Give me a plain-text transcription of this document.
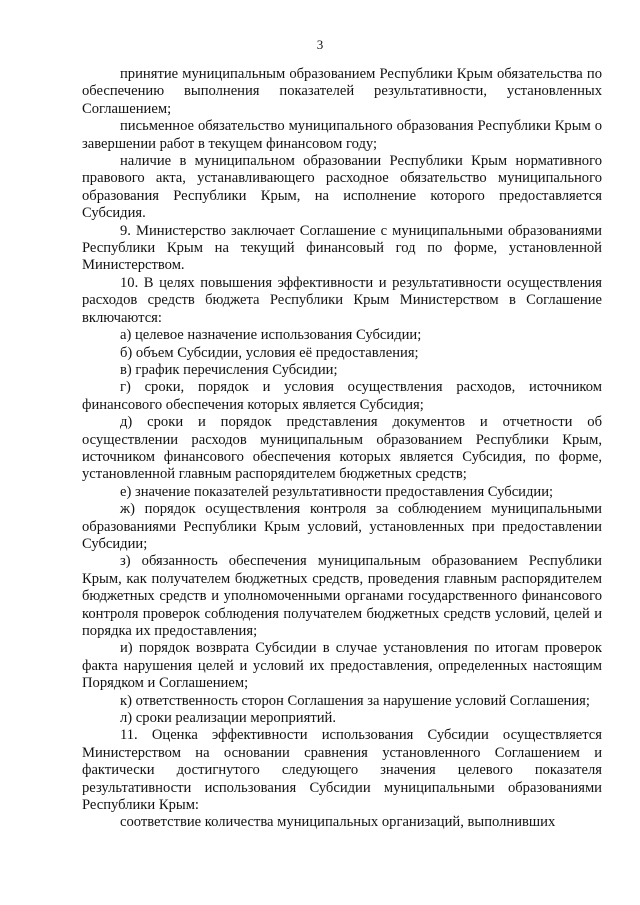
3

принятие муниципальным образованием Республики Крым обязательства по обеспечению выполнения показателей результативности, установленных Соглашением;

письменное обязательство муниципального образования Республики Крым о завершении работ в текущем финансовом году;

наличие в муниципальном образовании Республики Крым нормативного правового акта, устанавливающего расходное обязательство муниципального образования Республики Крым, на исполнение которого предоставляется Субсидия.

9. Министерство заключает Соглашение с муниципальными образованиями Республики Крым на текущий финансовый год по форме, установленной Министерством.

10. В целях повышения эффективности и результативности осуществления расходов средств бюджета Республики Крым Министерством в Соглашение включаются:

а) целевое назначение использования Субсидии;

б) объем Субсидии, условия её предоставления;

в) график перечисления Субсидии;

г) сроки, порядок и условия осуществления расходов, источником финансового обеспечения которых является Субсидия;

д) сроки и порядок представления документов и отчетности об осуществлении расходов муниципальным образованием Республики Крым, источником финансового обеспечения которых является Субсидия, по форме, установленной главным распорядителем бюджетных средств;

е) значение показателей результативности предоставления Субсидии;

ж) порядок осуществления контроля за соблюдением муниципальными образованиями Республики Крым условий, установленных при предоставлении Субсидии;

з) обязанность обеспечения муниципальным образованием Республики Крым, как получателем бюджетных средств, проведения главным распорядителем бюджетных средств и уполномоченными органами государственного финансового контроля проверок соблюдения получателем бюджетных средств условий, целей и порядка их предоставления;

и) порядок возврата Субсидии в случае установления по итогам проверок факта нарушения целей и условий их предоставления, определенных настоящим Порядком и Соглашением;

к) ответственность сторон Соглашения за нарушение условий Соглашения;

л) сроки реализации мероприятий.

11. Оценка эффективности использования Субсидии осуществляется Министерством на основании сравнения установленного Соглашением и фактически достигнутого следующего значения целевого показателя результативности использования Субсидии муниципальными образованиями Республики Крым:

соответствие количества муниципальных организаций, выполнивших
